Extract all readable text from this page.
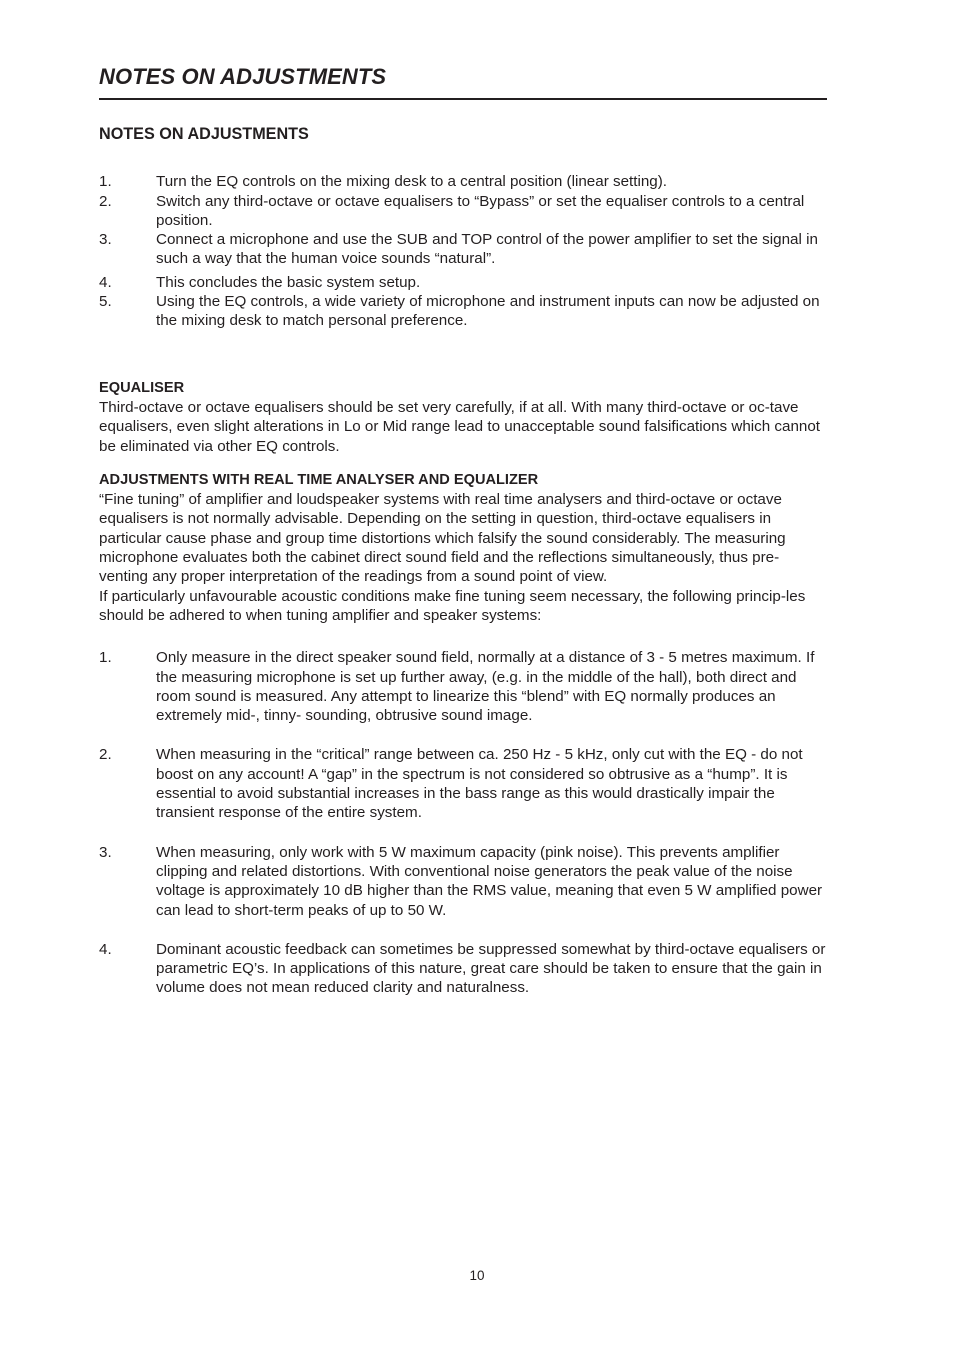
NOTES ON ADJUSTMENTS
NOTES ON ADJUSTMENTS
1.	Turn the EQ controls on the mixing desk to a central position (linear setting).
2.	Switch any third-octave or octave equalisers to “Bypass” or set the equaliser controls to a central position.
3.	Connect a microphone and use the SUB and TOP control of the power amplifier to set the signal in such a way that the human voice sounds “natural”.
4.	This concludes the basic system setup.
5.	Using the EQ controls, a wide variety of microphone and instrument inputs can now be adjusted on the mixing desk to match personal preference.
EQUALISER

Third-octave or octave equalisers should be set very carefully, if at all. With many third-octave or oc-tave equalisers, even slight alterations in Lo or Mid range lead to unacceptable sound falsifications which cannot be eliminated via other EQ controls.

ADJUSTMENTS WITH REAL TIME ANALYSER AND EQUALIZER

“Fine tuning” of amplifier and loudspeaker systems with real time analysers and third-octave or octave equalisers is not normally advisable. Depending on the setting in question, third-octave equalisers in particular cause phase and group time distortions which falsify the sound considerably. The measuring microphone evaluates both the cabinet direct sound field and the reflections simultaneously, thus pre-venting any proper interpretation of the readings from a sound point of view.

If particularly unfavourable acoustic conditions make fine tuning seem necessary, the following princip-les should be adhered to when tuning amplifier and speaker systems:

1.	Only measure in the direct speaker sound field, normally at a distance of 3 - 5 metres maximum. If the measuring microphone is set up further away, (e.g. in the middle of the hall), both direct and room sound is measured. Any attempt to linearize this “blend” with EQ normally produces an extremely mid-, tinny- sounding, obtrusive sound image.
2.	When measuring in the “critical” range between ca. 250 Hz - 5 kHz, only cut with the EQ - do not boost on any account! A “gap” in the spectrum is not considered so obtrusive as a “hump”. It is essential to avoid substantial increases in the bass range as this would drastically impair the transient response of the entire system.
3.	When measuring, only work with 5 W maximum capacity (pink noise). This prevents amplifier clipping and related distortions. With conventional noise generators the peak value of the noise voltage is approximately 10 dB higher than the RMS value, meaning that even 5 W amplified power can lead to short-term peaks of up to 50 W.
4.	Dominant acoustic feedback can sometimes be suppressed somewhat by third-octave equalisers or parametric EQ’s. In applications of this nature, great care should be taken to ensure that the gain in volume does not mean reduced clarity and naturalness.
10
